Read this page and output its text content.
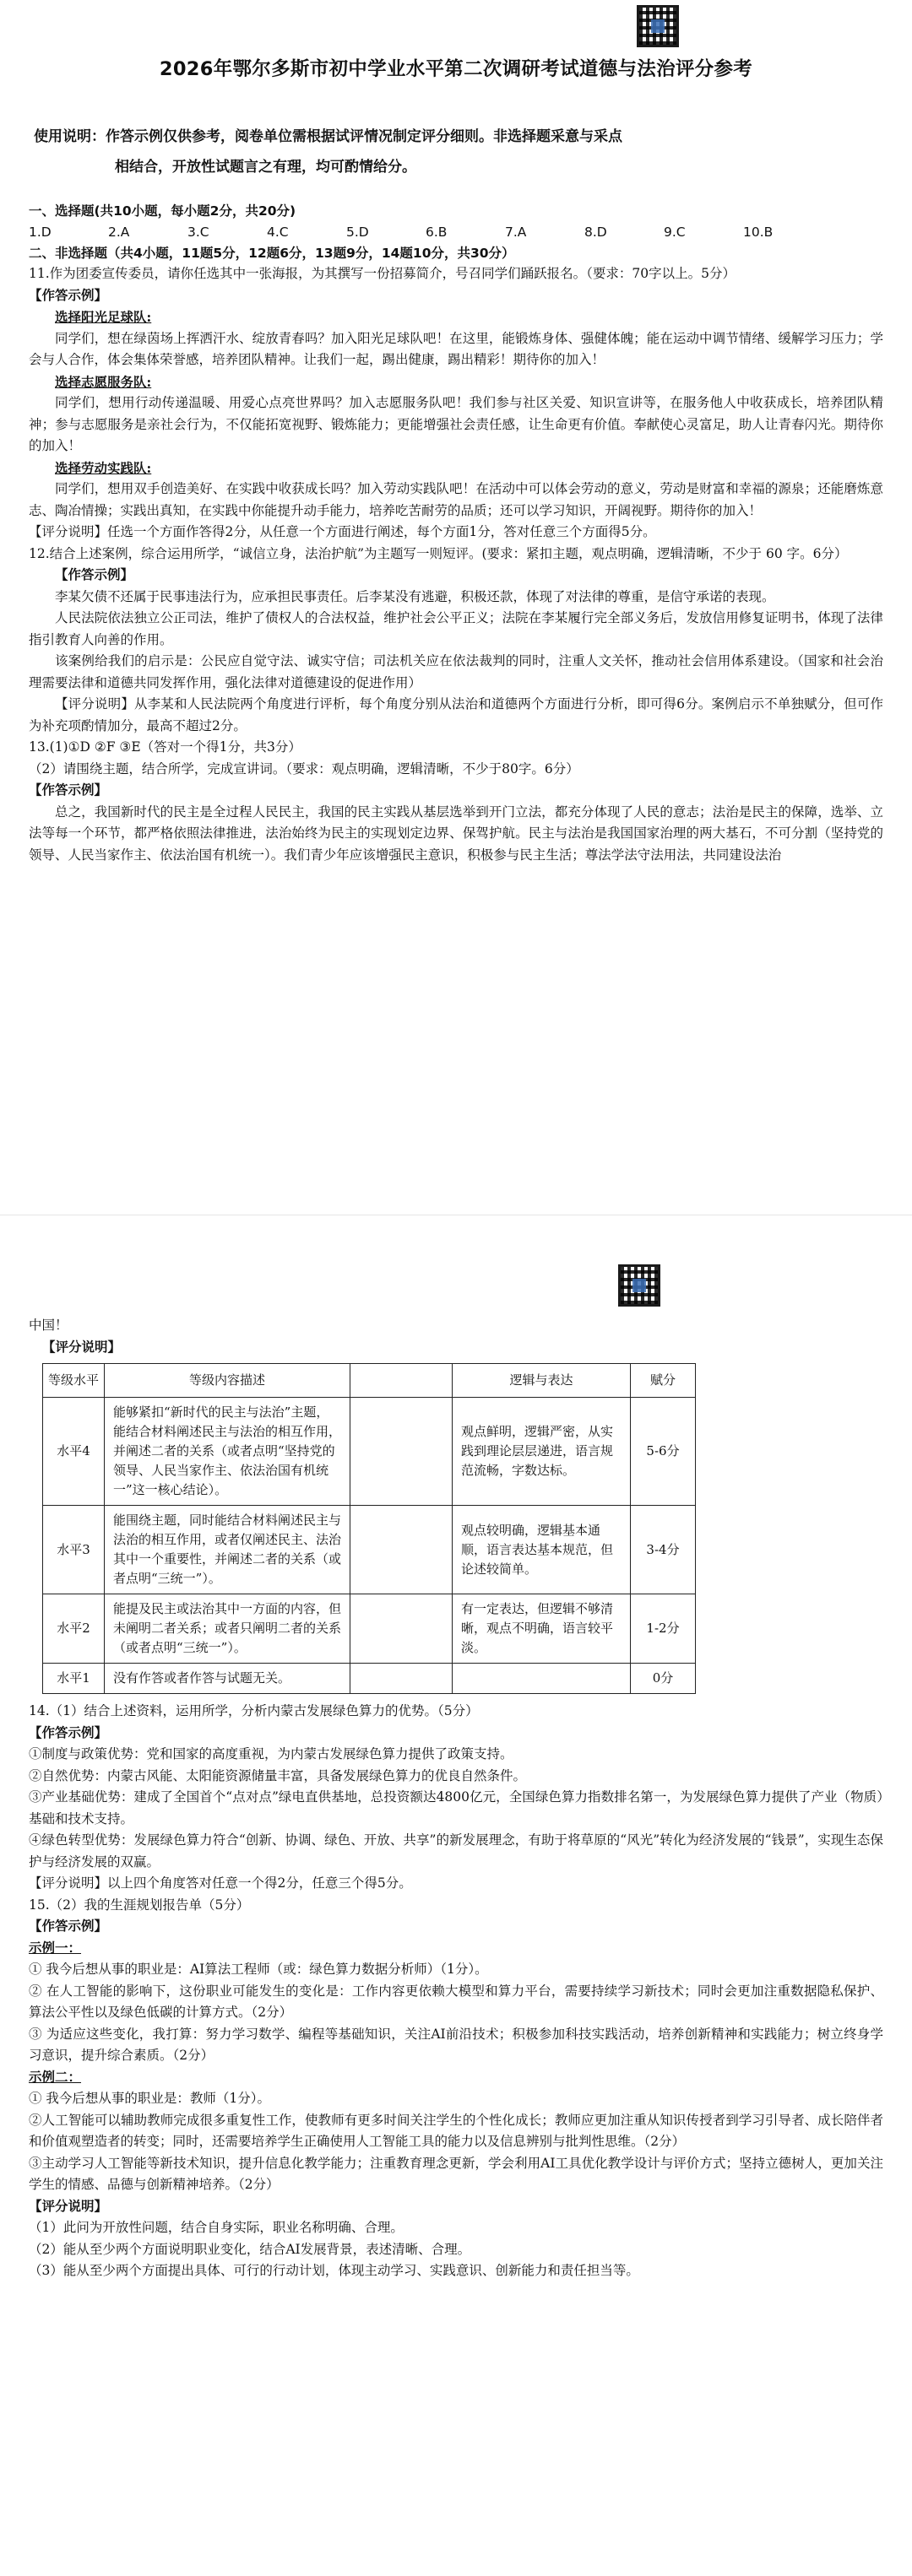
2026年鄂尔多斯市初中学业水平第二次调研考试道德与法治评分参考
使用说明：作答示例仅供参考，阅卷单位需根据试评情况制定评分细则。非选择题采意与采点
相结合，开放性试题言之有理，均可酌情给分。
一、选择题(共10小题，每小题2分，共20分)
1.D	2.A	3.C	4.C	5.D	6.B	7.A	8.D	9.C	10.B
二、非选择题（共4小题，11题5分，12题6分，13题9分，14题10分，共30分）

11.作为团委宣传委员，请你任选其中一张海报，为其撰写一份招募简介，号召同学们踊跃报名。（要求：70字以上。5分）

【作答示例】

选择阳光足球队:

同学们，想在绿茵场上挥洒汗水、绽放青春吗？加入阳光足球队吧！在这里，能锻炼身体、强健体魄；能在运动中调节情绪、缓解学习压力；学会与人合作，体会集体荣誉感，培养团队精神。让我们一起，踢出健康，踢出精彩！期待你的加入！

选择志愿服务队:

同学们，想用行动传递温暖、用爱心点亮世界吗？加入志愿服务队吧！我们参与社区关爱、知识宣讲等，在服务他人中收获成长，培养团队精神；参与志愿服务是亲社会行为，不仅能拓宽视野、锻炼能力；更能增强社会责任感，让生命更有价值。奉献使心灵富足，助人让青春闪光。期待你的加入！

选择劳动实践队:

同学们，想用双手创造美好、在实践中收获成长吗？加入劳动实践队吧！在活动中可以体会劳动的意义，劳动是财富和幸福的源泉；还能磨炼意志、陶冶情操；实践出真知，在实践中你能提升动手能力，培养吃苦耐劳的品质；还可以学习知识，开阔视野。期待你的加入！

【评分说明】任选一个方面作答得2分，从任意一个方面进行阐述，每个方面1分，答对任意三个方面得5分。

12.结合上述案例，综合运用所学，“诚信立身，法治护航”为主题写一则短评。(要求：紧扣主题，观点明确，逻辑清晰，不少于 60 字。6分）

【作答示例】

李某欠债不还属于民事违法行为，应承担民事责任。后李某没有逃避，积极还款，体现了对法律的尊重，是信守承诺的表现。

人民法院依法独立公正司法，维护了债权人的合法权益，维护社会公平正义；法院在李某履行完全部义务后，发放信用修复证明书，体现了法律指引教育人向善的作用。

该案例给我们的启示是：公民应自觉守法、诚实守信；司法机关应在依法裁判的同时，注重人文关怀，推动社会信用体系建设。（国家和社会治理需要法律和道德共同发挥作用，强化法律对道德建设的促进作用）

【评分说明】从李某和人民法院两个角度进行评析，每个角度分别从法治和道德两个方面进行分析，即可得6分。案例启示不单独赋分，但可作为补充项酌情加分，最高不超过2分。

13.(1)①D ②F ③E（答对一个得1分，共3分）

（2）请围绕主题，结合所学，完成宣讲词。（要求：观点明确，逻辑清晰，不少于80字。6分）

【作答示例】

总之，我国新时代的民主是全过程人民民主，我国的民主实践从基层选举到开门立法，都充分体现了人民的意志；法治是民主的保障，选举、立法等每一个环节，都严格依照法律推进，法治始终为民主的实现划定边界、保驾护航。民主与法治是我国国家治理的两大基石，不可分割（坚持党的领导、人民当家作主、依法治国有机统一）。我们青少年应该增强民主意识，积极参与民主生活；尊法学法守法用法，共同建设法治

中国！

【评分说明】

等级水平	等级内容描述		逻辑与表达	赋分
水平4	能够紧扣“新时代的民主与法治”主题，能结合材料阐述民主与法治的相互作用，并阐述二者的关系（或者点明“坚持党的领导、人民当家作主、依法治国有机统一”这一核心结论）。		观点鲜明，逻辑严密，从实践到理论层层递进，语言规范流畅，字数达标。	5-6分
水平3	能围绕主题，同时能结合材料阐述民主与法治的相互作用，或者仅阐述民主、法治其中一个重要性，并阐述二者的关系（或者点明“三统一”）。		观点较明确，逻辑基本通顺，语言表达基本规范，但论述较简单。	3-4分
水平2	能提及民主或法治其中一方面的内容，但未阐明二者关系；或者只阐明二者的关系（或者点明“三统一”）。		有一定表达，但逻辑不够清晰，观点不明确，语言较平淡。	1-2分
水平1	没有作答或者作答与试题无关。			0分

14.（1）结合上述资料，运用所学，分析内蒙古发展绿色算力的优势。（5分）

【作答示例】

①制度与政策优势：党和国家的高度重视，为内蒙古发展绿色算力提供了政策支持。

②自然优势：内蒙古风能、太阳能资源储量丰富，具备发展绿色算力的优良自然条件。

③产业基础优势：建成了全国首个“点对点”绿电直供基地，总投资额达4800亿元，全国绿色算力指数排名第一，为发展绿色算力提供了产业（物质）基础和技术支持。

④绿色转型优势：发展绿色算力符合“创新、协调、绿色、开放、共享”的新发展理念，有助于将草原的“风光”转化为经济发展的“钱景”，实现生态保护与经济发展的双赢。

【评分说明】以上四个角度答对任意一个得2分，任意三个得5分。

15.（2）我的生涯规划报告单（5分）

【作答示例】

示例一：

① 我今后想从事的职业是：AI算法工程师（或：绿色算力数据分析师）（1分）。

② 在人工智能的影响下，这份职业可能发生的变化是：工作内容更依赖大模型和算力平台，需要持续学习新技术；同时会更加注重数据隐私保护、算法公平性以及绿色低碳的计算方式。（2分）

③ 为适应这些变化，我打算：努力学习数学、编程等基础知识，关注AI前沿技术；积极参加科技实践活动，培养创新精神和实践能力；树立终身学习意识，提升综合素质。（2分）

示例二：

① 我今后想从事的职业是：教师（1分）。

②人工智能可以辅助教师完成很多重复性工作，使教师有更多时间关注学生的个性化成长；教师应更加注重从知识传授者到学习引导者、成长陪伴者和价值观塑造者的转变；同时，还需要培养学生正确使用人工智能工具的能力以及信息辨别与批判性思维。（2分）

③主动学习人工智能等新技术知识，提升信息化教学能力；注重教育理念更新，学会利用AI工具优化教学设计与评价方式；坚持立德树人，更加关注学生的情感、品德与创新精神培养。（2分）

【评分说明】

（1）此问为开放性问题，结合自身实际，职业名称明确、合理。

（2）能从至少两个方面说明职业变化，结合AI发展背景，表述清晰、合理。

（3）能从至少两个方面提出具体、可行的行动计划，体现主动学习、实践意识、创新能力和责任担当等。
